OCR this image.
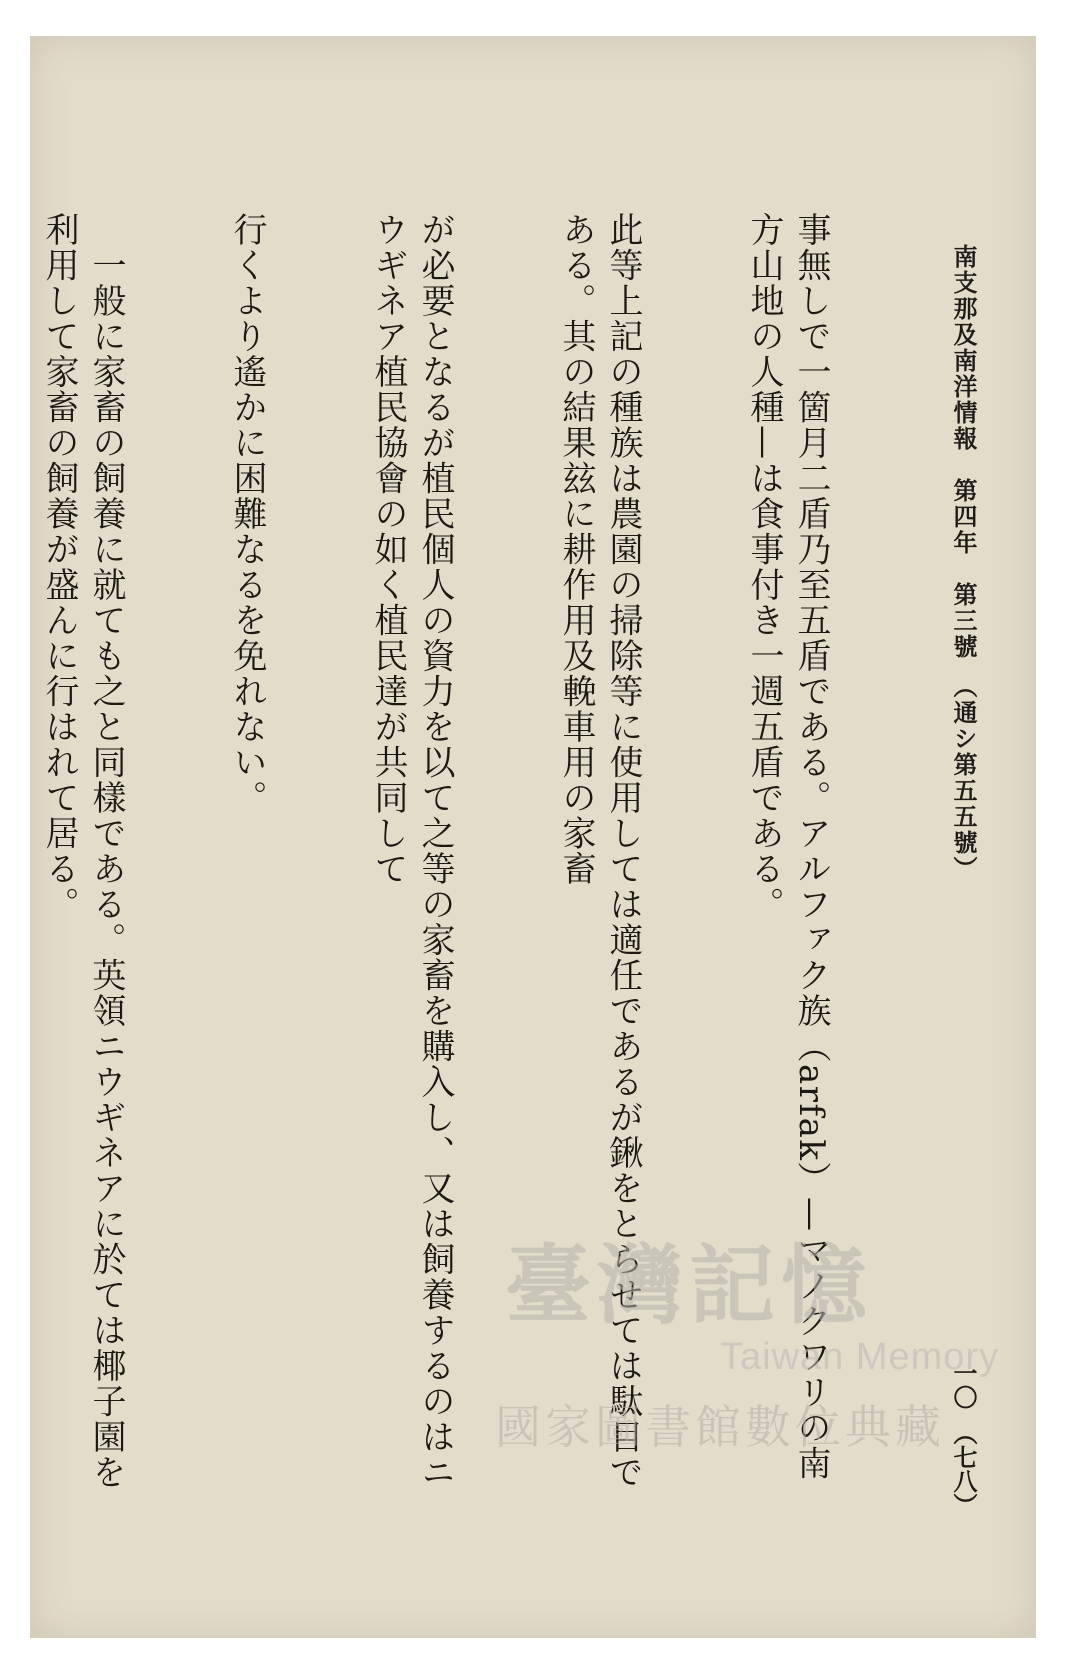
南支那及南洋情報　第四年　第三號　（通シ第五五號）
一〇　（七八）

事無しで一箇月二盾乃至五盾である。アルファク族（arfak）—マノクワリの南方山地の人種—は食事付き一週五盾である。

此等上記の種族は農園の掃除等に使用しては適任であるが鍬をとらせては駄目である。其の結果玆に耕作用及輓車用の家畜

が必要となるが植民個人の資力を以て之等の家畜を購入し、又は飼養するのはニウギネア植民協會の如く植民達が共同して

行くより遙かに困難なるを免れない。

　一般に家畜の飼養に就ても之と同樣である。英領ニウギネアに於ては椰子園を利用して家畜の飼養が盛んに行はれて居る。

臺灣記憶
Taiwan Memory
國家圖書館數位典藏
